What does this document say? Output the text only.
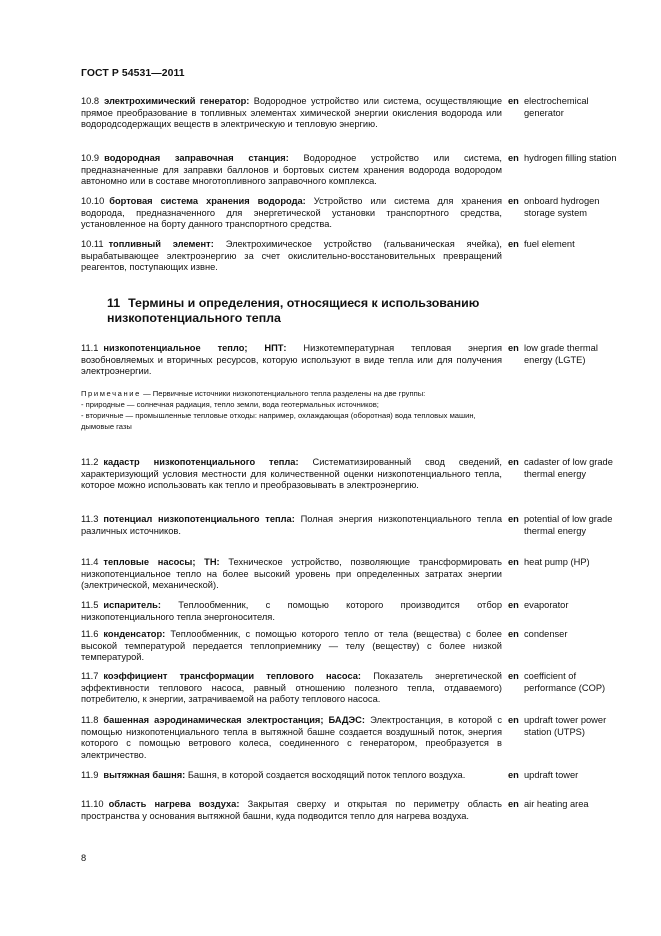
ГОСТ Р 54531—2011
10.8 электрохимический генератор: Водородное устройство или система, осуществляющие прямое преобразование в топливных элементах химической энергии окисления водорода или водородсодержащих веществ в электрическую и тепловую энергию.
en electrochemical generator
10.9 водородная заправочная станция: Водородное устройство или система, предназначенные для заправки баллонов и бортовых систем хранения водорода водородом автономно или в составе многотопливного заправочного комплекса.
en hydrogen filling station
10.10 бортовая система хранения водорода: Устройство или система для хранения водорода, предназначенного для энергетической установки транспортного средства, установленное на борту данного транспортного средства.
en onboard hydrogen storage system
10.11 топливный элемент: Электрохимическое устройство (гальваническая ячейка), вырабатывающее электроэнергию за счет окислительно-восстановительных превращений реагентов, поступающих извне.
en fuel element
11 Термины и определения, относящиеся к использованию низкопотенциального тепла
11.1 низкопотенциальное тепло; НПТ: Низкотемпературная тепловая энергия возобновляемых и вторичных ресурсов, которую используют в виде тепла или для получения электроэнергии.
en low grade thermal energy (LGTE)
Примечание — Первичные источники низкопотенциального тепла разделены на две группы:
- природные — солнечная радиация, тепло земли, вода геотермальных источников;
- вторичные — промышленные тепловые отходы: например, охлаждающая (оборотная) вода тепловых машин, дымовые газы
11.2 кадастр низкопотенциального тепла: Систематизированный свод сведений, характеризующий условия местности для количественной оценки низкопотенциального тепла, которое можно использовать как тепло и преобразовывать в электроэнергию.
en cadaster of low grade thermal energy
11.3 потенциал низкопотенциального тепла: Полная энергия низкопотенциального тепла различных источников.
en potential of low grade thermal energy
11.4 тепловые насосы; ТН: Техническое устройство, позволяющие трансформировать низкопотенциальное тепло на более высокий уровень при определенных затратах энергии (электрической, механической).
en heat pump (HP)
11.5 испаритель: Теплообменник, с помощью которого производится отбор низкопотенциального тепла энергоносителя.
en evaporator
11.6 конденсатор: Теплообменник, с помощью которого тепло от тела (вещества) с более высокой температурой передается теплоприемнику — телу (веществу) с более низкой температурой.
en condenser
11.7 коэффициент трансформации теплового насоса: Показатель энергетической эффективности теплового насоса, равный отношению полезного тепла, отдаваемого) потребителю, к энергии, затрачиваемой на работу теплового насоса.
en coefficient of performance (COP)
11.8 башенная аэродинамическая электростанция; БАДЭС: Электростанция, в которой с помощью низкопотенциального тепла в вытяжной башне создается воздушный поток, энергия которого с помощью ветрового колеса, соединенного с генератором, преобразуется в электричество.
en updraft tower power station (UTPS)
11.9 вытяжная башня: Башня, в которой создается восходящий поток теплого воздуха.	en updraft tower
11.10 область нагрева воздуха: Закрытая сверху и открытая по периметру область пространства у основания вытяжной башни, куда подводится тепло для нагрева воздуха.
en air heating area
8
